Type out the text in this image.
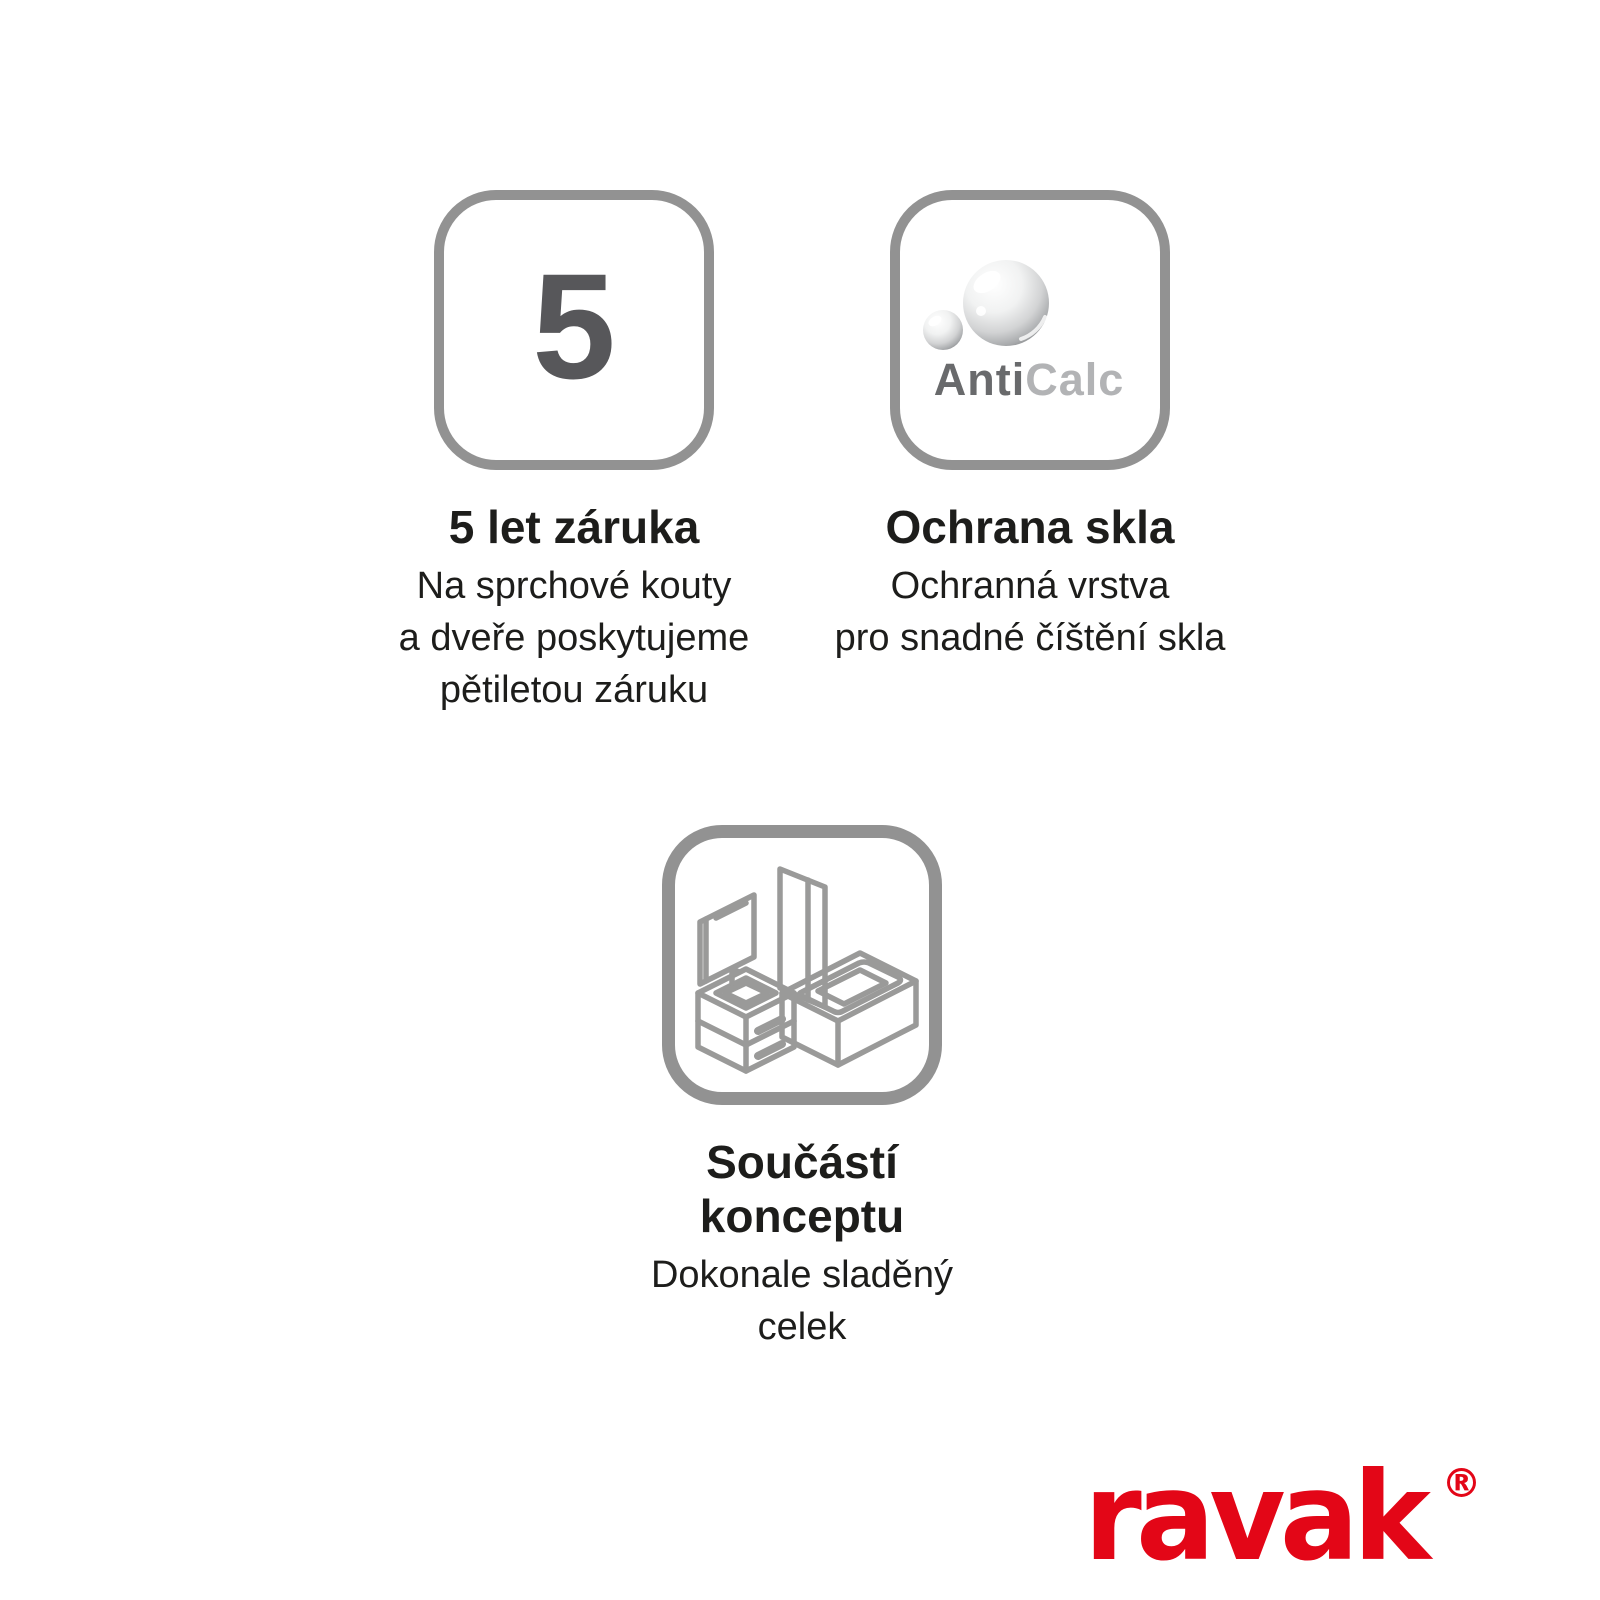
5
5 let záruka

Na sprchové kouty
a dveře poskytujeme
pětiletou záruku

AntiCalc
Ochrana skla

Ochranná vrstva
pro snadné číštění skla

Součástí
konceptu

Dokonale sladěný
celek

ravak ®
